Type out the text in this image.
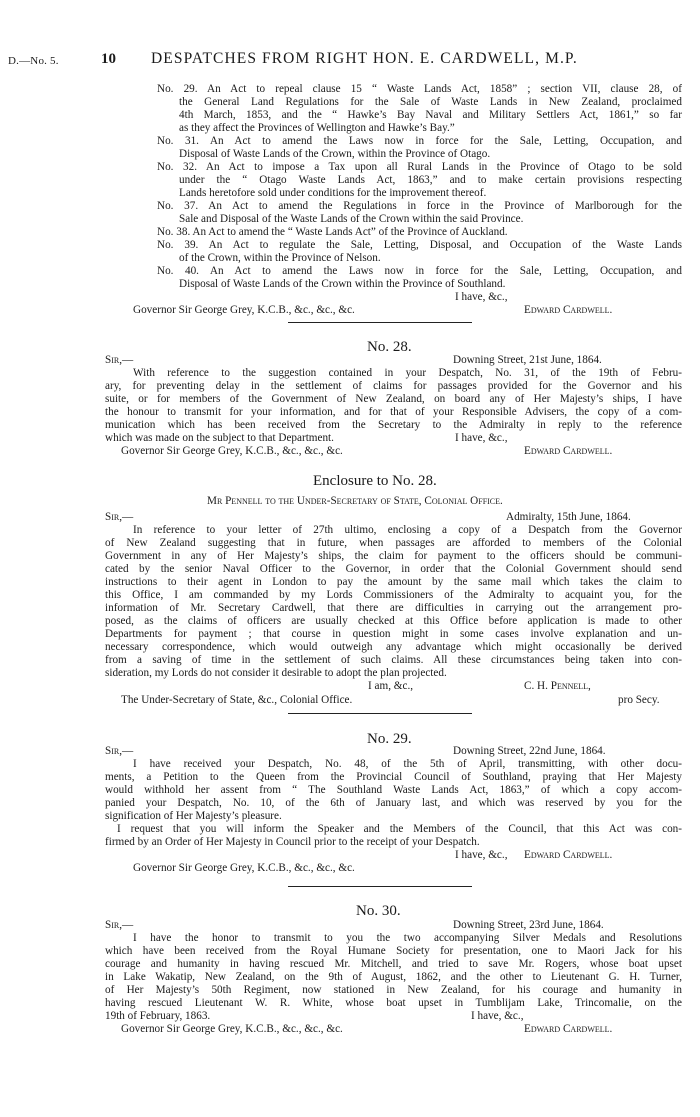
D.—No. 5.	10 DESPATCHES FROM RIGHT HON. E. CARDWELL, M.P.
No. 29. An Act to repeal clause 15 “ Waste Lands Act, 1858” ; section VII, clause 28, of
the General Land Regulations for the Sale of Waste Lands in New Zealand, proclaimed
4th March, 1853, and the “ Hawke’s Bay Naval and Military Settlers Act, 1861,” so far
as they affect the Provinces of Wellington and Hawke’s Bay.”
No. 31. An Act to amend the Laws now in force for the Sale, Letting, Occupation, and
Disposal of Waste Lands of the Crown, within the Province of Otago.
No. 32. An Act to impose a Tax upon all Rural Lands in the Province of Otago to be sold
under the “ Otago Waste Lands Act, 1863,” and to make certain provisions respecting
Lands heretofore sold under conditions for the improvement thereof.
No. 37. An Act to amend the Regulations in force in the Province of Marlborough for the
Sale and Disposal of the Waste Lands of the Crown within the said Province.
No. 38. An Act to amend the “ Waste Lands Act” of the Province of Auckland.
No. 39. An Act to regulate the Sale, Letting, Disposal, and Occupation of the Waste Lands
of the Crown, within the Province of Nelson.
No. 40. An Act to amend the Laws now in force for the Sale, Letting, Occupation, and
Disposal of Waste Lands of the Crown within the Province of Southland.
I have, &c.,
Governor Sir George Grey, K.C.B., &c., &c., &c.	Edward Cardwell.
No. 28.
Sir,—	Downing Street, 21st June, 1864.
With reference to the suggestion contained in your Despatch, No. 31, of the 19th of Febru-
ary, for preventing delay in the settlement of claims for passages provided for the Governor and his
suite, or for members of the Government of New Zealand, on board any of Her Majesty’s ships, I have
the honour to transmit for your information, and for that of your Responsible Advisers, the copy of a com-
munication which has been received from the Secretary to the Admiralty in reply to the reference
which was made on the subject to that Department.	I have, &c.,
Governor Sir George Grey, K.C.B., &c., &c., &c.	Edward Cardwell.
Enclosure to No. 28.
Mr Pennell to the Under-Secretary of State, Colonial Office.
Sir,—	Admiralty, 15th June, 1864.
In reference to your letter of 27th ultimo, enclosing a copy of a Despatch from the Governor
of New Zealand suggesting that in future, when passages are afforded to members of the Colonial
Government in any of Her Majesty’s ships, the claim for payment to the officers should be communi-
cated by the senior Naval Officer to the Governor, in order that the Colonial Government should send
instructions to their agent in London to pay the amount by the same mail which takes the claim to
this Office, I am commanded by my Lords Commissioners of the Admiralty to acquaint you, for the
information of Mr. Secretary Cardwell, that there are difficulties in carrying out the arrangement pro-
posed, as the claims of officers are usually checked at this Office before application is made to other
Departments for payment ; that course in question might in some cases involve explanation and un-
necessary correspondence, which would outweigh any advantage which might occasionally be derived
from a saving of time in the settlement of such claims. All these circumstances being taken into con-
sideration, my Lords do not consider it desirable to adopt the plan projected.
I am, &c.,	C. H. Pennell,
The Under-Secretary of State, &c., Colonial Office.	pro Secy.
No. 29.
Sir,—	Downing Street, 22nd June, 1864.
I have received your Despatch, No. 48, of the 5th of April, transmitting, with other docu-
ments, a Petition to the Queen from the Provincial Council of Southland, praying that Her Majesty
would withhold her assent from “ The Southland Waste Lands Act, 1863,” of which a copy accom-
panied your Despatch, No. 10, of the 6th of January last, and which was reserved by you for the
signification of Her Majesty’s pleasure.
I request that you will inform the Speaker and the Members of the Council, that this Act was con-
firmed by an Order of Her Majesty in Council prior to the receipt of your Despatch.
I have, &c., Edward Cardwell.
Governor Sir George Grey, K.C.B., &c., &c., &c.
No. 30.
Sir,—	Downing Street, 23rd June, 1864.
I have the honor to transmit to you the two accompanying Silver Medals and Resolutions
which have been received from the Royal Humane Society for presentation, one to Maori Jack for his
courage and humanity in having rescued Mr. Mitchell, and tried to save Mr. Rogers, whose boat upset
in Lake Wakatip, New Zealand, on the 9th of August, 1862, and the other to Lieutenant G. H. Turner,
of Her Majesty’s 50th Regiment, now stationed in New Zealand, for his courage and humanity in
having rescued Lieutenant W. R. White, whose boat upset in Tumblijam Lake, Trincomalie, on the
19th of February, 1863.	I have, &c.,
Governor Sir George Grey, K.C.B., &c., &c., &c.	Edward Cardwell.
